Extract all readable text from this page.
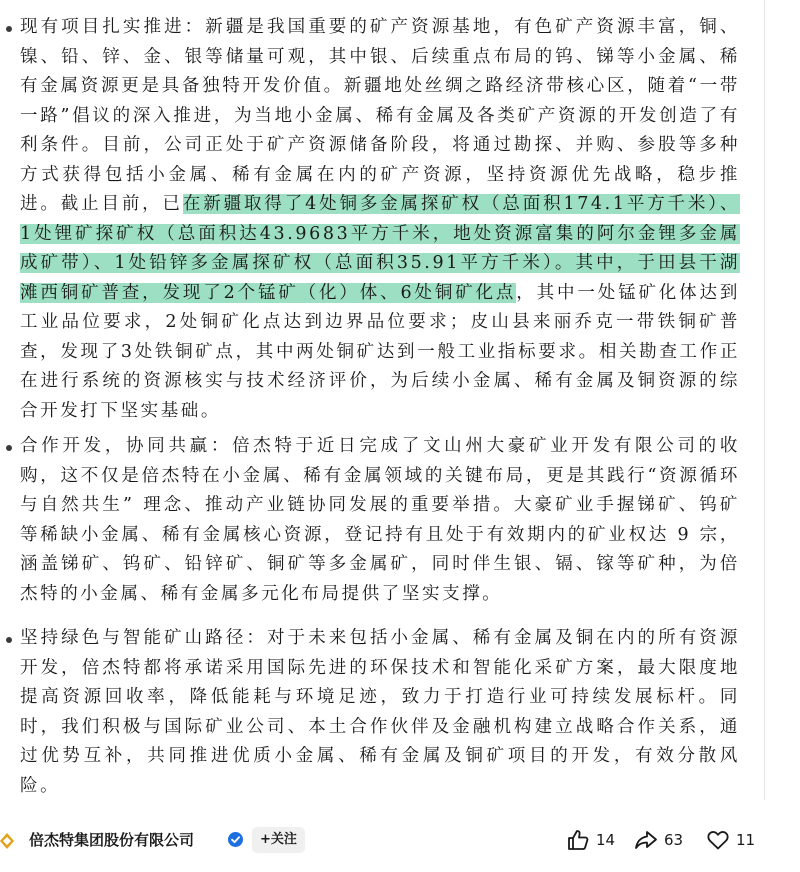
现有项目扎实推进：新疆是我国重要的矿产资源基地，有色矿产资源丰富，铜、镍、铅、锌、金、银等储量可观，其中银、后续重点布局的钨、锑等小金属、稀有金属资源更是具备独特开发价值。新疆地处丝绸之路经济带核心区，随着“一带一路”倡议的深入推进，为当地小金属、稀有金属及各类矿产资源的开发创造了有利条件。目前，公司正处于矿产资源储备阶段，将通过勘探、并购、参股等多种方式获得包括小金属、稀有金属在内的矿产资源，坚持资源优先战略，稳步推进。截止目前，已在新疆取得了4处铜多金属探矿权（总面积174.1平方千米）、1处锂矿探矿权（总面积达43.9683平方千米，地处资源富集的阿尔金锂多金属成矿带）、1处铅锌多金属探矿权（总面积35.91平方千米）。其中，于田县干湖滩西铜矿普查，发现了2个锰矿（化）体、6处铜矿化点，其中一处锰矿化体达到工业品位要求，2处铜矿化点达到边界品位要求；皮山县来丽乔克一带铁铜矿普查，发现了3处铁铜矿点，其中两处铜矿达到一般工业指标要求。相关勘查工作正在进行系统的资源核实与技术经济评价，为后续小金属、稀有金属及铜资源的综合开发打下坚实基础。

合作开发，协同共赢：倍杰特于近日完成了文山州大豪矿业开发有限公司的收购，这不仅是倍杰特在小金属、稀有金属领域的关键布局，更是其践行“资源循环与自然共生” 理念、推动产业链协同发展的重要举措。大豪矿业手握锑矿、钨矿等稀缺小金属、稀有金属核心资源，登记持有且处于有效期内的矿业权达 9 宗，涵盖锑矿、钨矿、铅锌矿、铜矿等多金属矿，同时伴生银、镉、镓等矿种，为倍杰特的小金属、稀有金属多元化布局提供了坚实支撑。

坚持绿色与智能矿山路径：对于未来包括小金属、稀有金属及铜在内的所有资源开发，倍杰特都将承诺采用国际先进的环保技术和智能化采矿方案，最大限度地提高资源回收率，降低能耗与环境足迹，致力于打造行业可持续发展标杆。同时，我们积极与国际矿业公司、本土合作伙伴及金融机构建立战略合作关系，通过优势互补，共同推进优质小金属、稀有金属及铜矿项目的开发，有效分散风险。

倍杰特集团股份有限公司	+关注	14	63	11
